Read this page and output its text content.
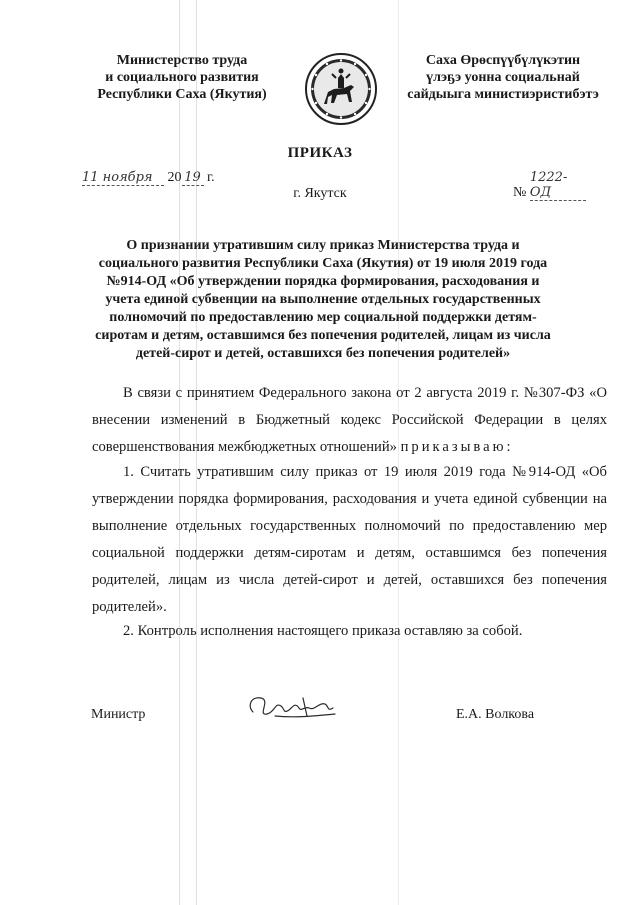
Министерство труда
и социального развития
Республики Саха (Якутия)
Саха Өрөспүүбүлүкэтин
үлэҕэ уонна социальнай
сайдыыга министиэристибэтэ
ПРИКАЗ
11 ноября 20 19 г.
№ 1222-ОД
г. Якутск
О признании утратившим силу приказ Министерства труда и социального развития Республики Саха (Якутия) от 19 июля 2019 года №914-ОД «Об утверждении порядка формирования, расходования и учета единой субвенции на выполнение отдельных государственных полномочий по предоставлению мер социальной поддержки детям-сиротам и детям, оставшимся без попечения родителей, лицам из числа детей-сирот и детей, оставшихся без попечения родителей»
В связи с принятием Федерального закона от 2 августа 2019 г. №307-ФЗ «О внесении изменений в Бюджетный кодекс Российской Федерации в целях совершенствования межбюджетных отношений» приказываю:
1. Считать утратившим силу приказ от 19 июля 2019 года №914-ОД «Об утверждении порядка формирования, расходования и учета единой субвенции на выполнение отдельных государственных полномочий по предоставлению мер социальной поддержки детям-сиротам и детям, оставшимся без попечения родителей, лицам из числа детей-сирот и детей, оставшихся без попечения родителей».
2. Контроль исполнения настоящего приказа оставляю за собой.
Министр	Е.А. Волкова
